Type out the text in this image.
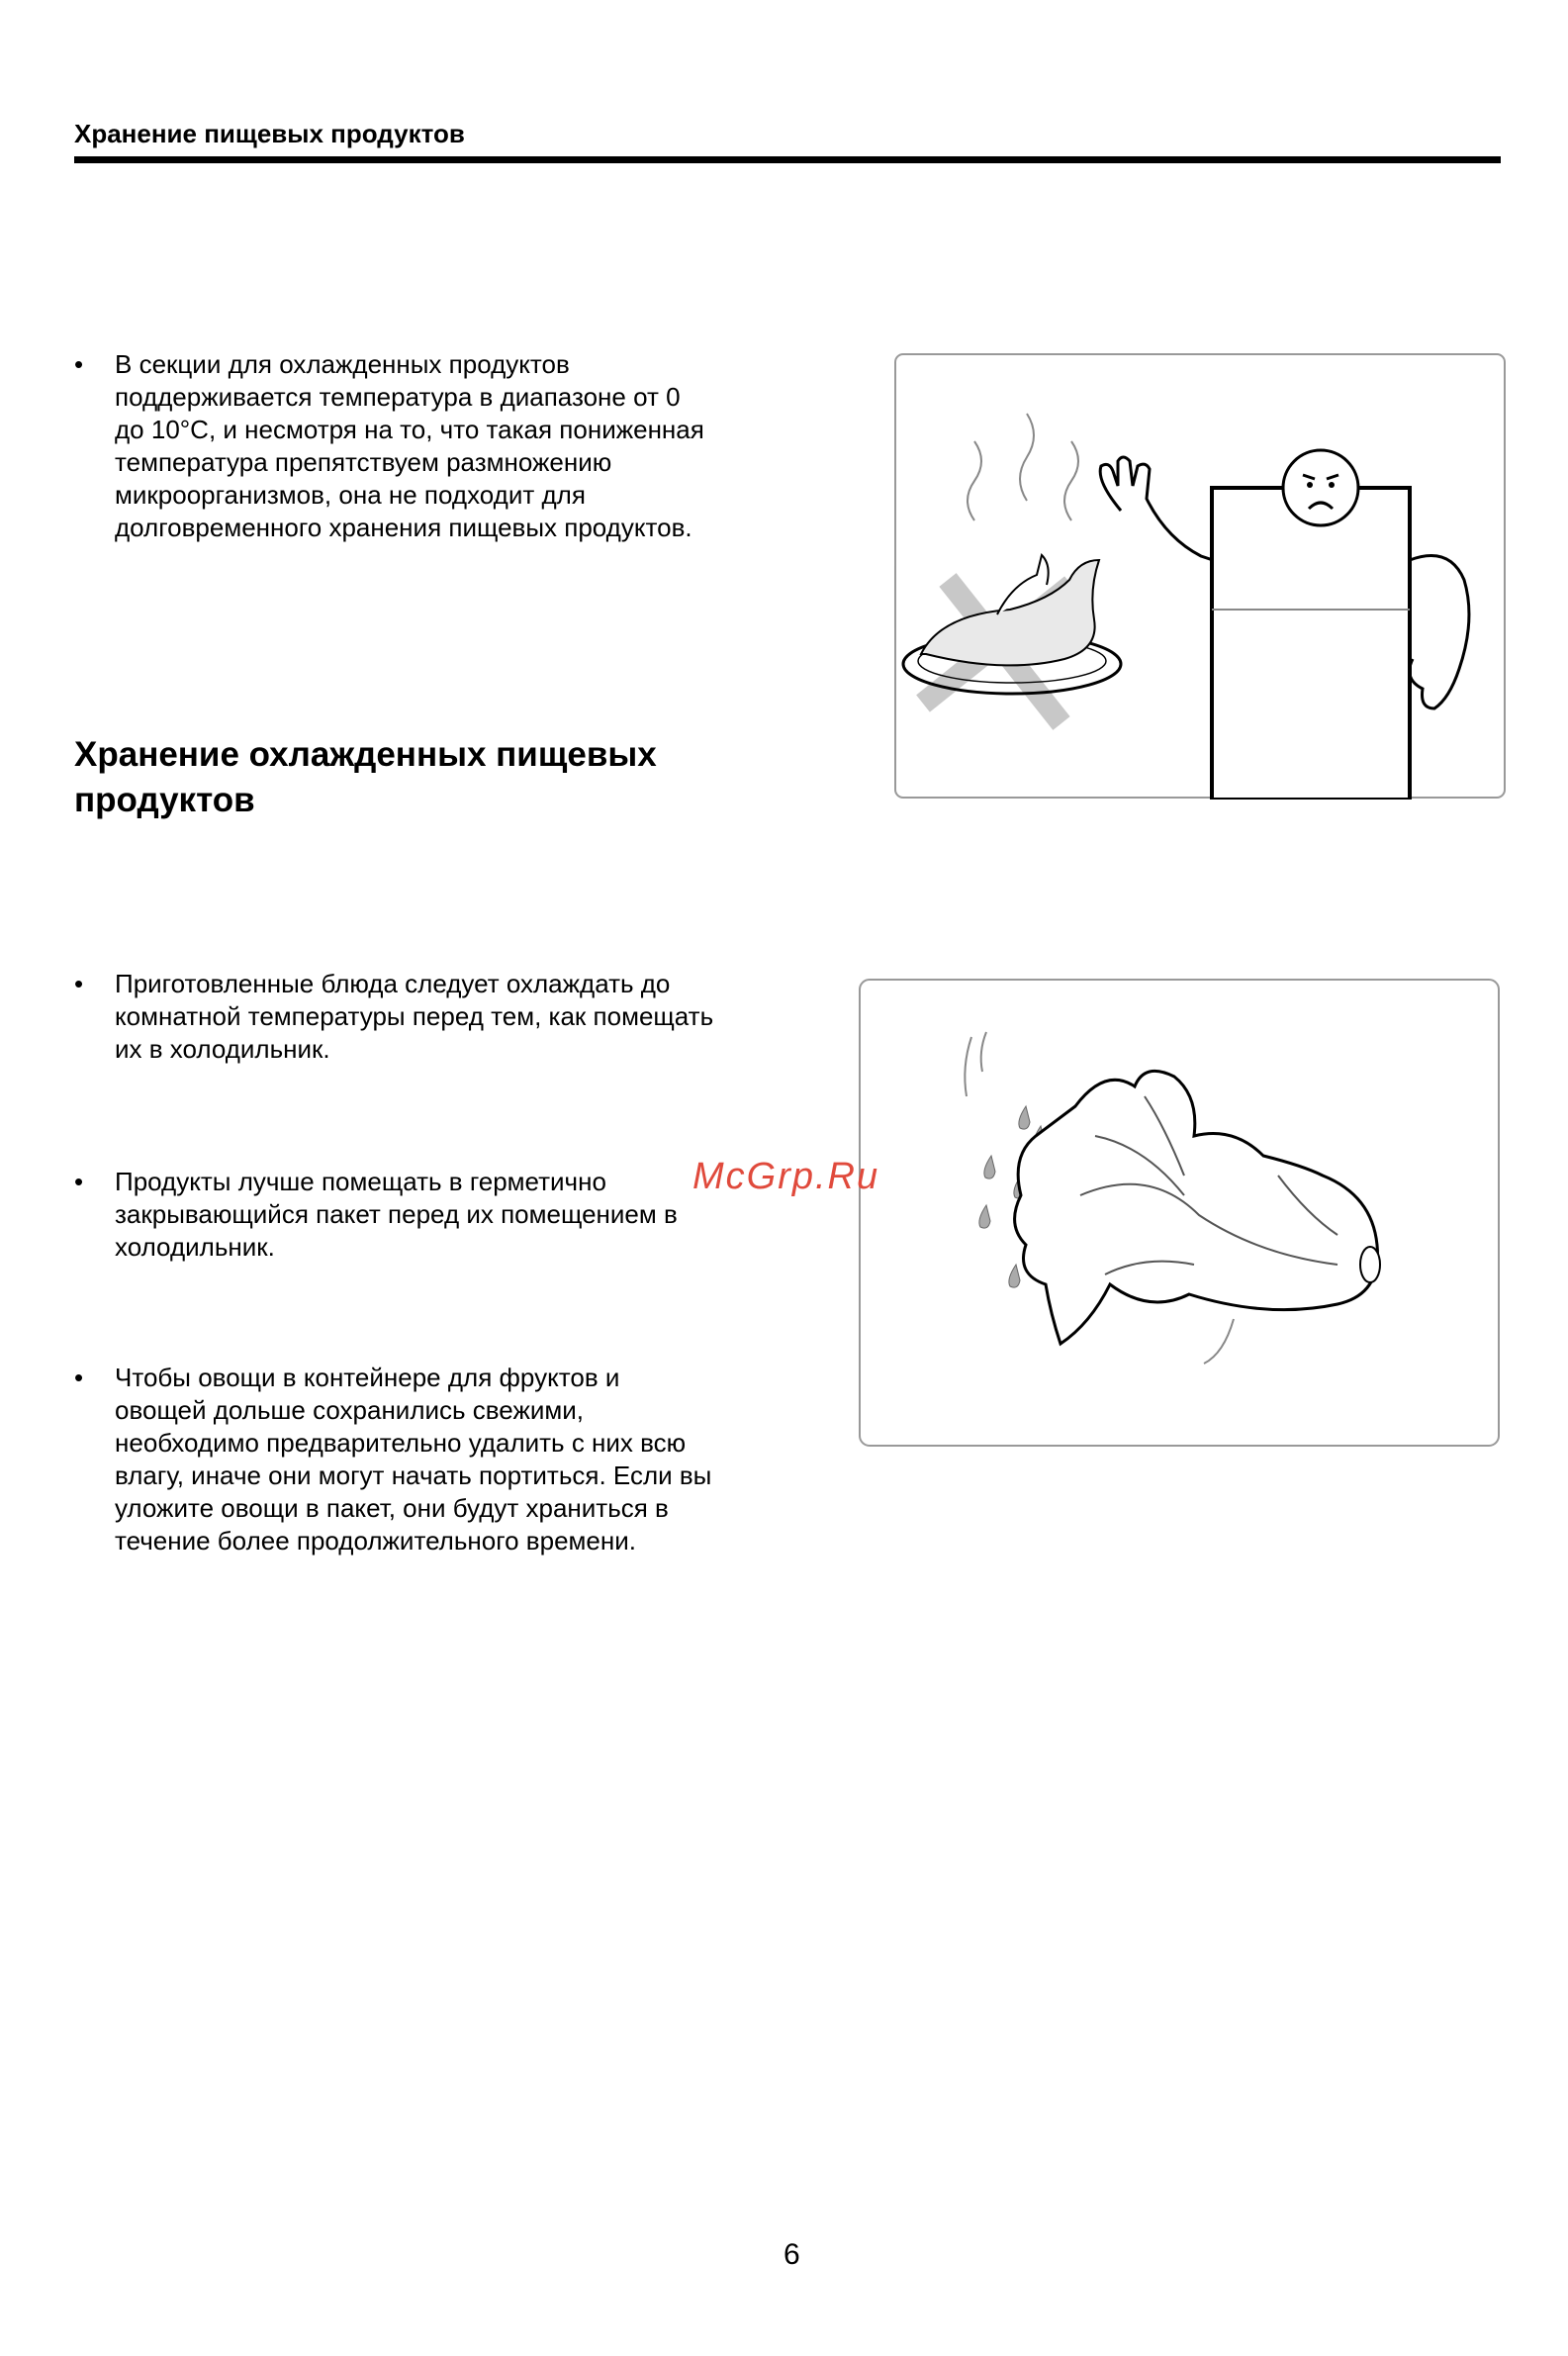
Хранение пищевых продуктов
• В секции для охлажденных продуктов
поддерживается температура в диапазоне от 0
до 10°C, и несмотря на то, что такая пониженная
температура препятствуем размножению
микроорганизмов, она не подходит для
долговременного хранения пищевых продуктов.
Хранение охлажденных пищевых
продуктов
• Приготовленные блюда следует охлаждать до
комнатной температуры перед тем, как помещать
их в холодильник.
• Продукты лучше помещать в герметично
закрывающийся пакет перед их помещением в
холодильник.
• Чтобы овощи в контейнере для фруктов и
овощей дольше сохранились свежими,
необходимо предварительно удалить с них всю
влагу, иначе они могут начать портиться. Если вы
уложите овощи в пакет, они будут храниться в
течение более продолжительного времени.
McGrp.Ru
6
